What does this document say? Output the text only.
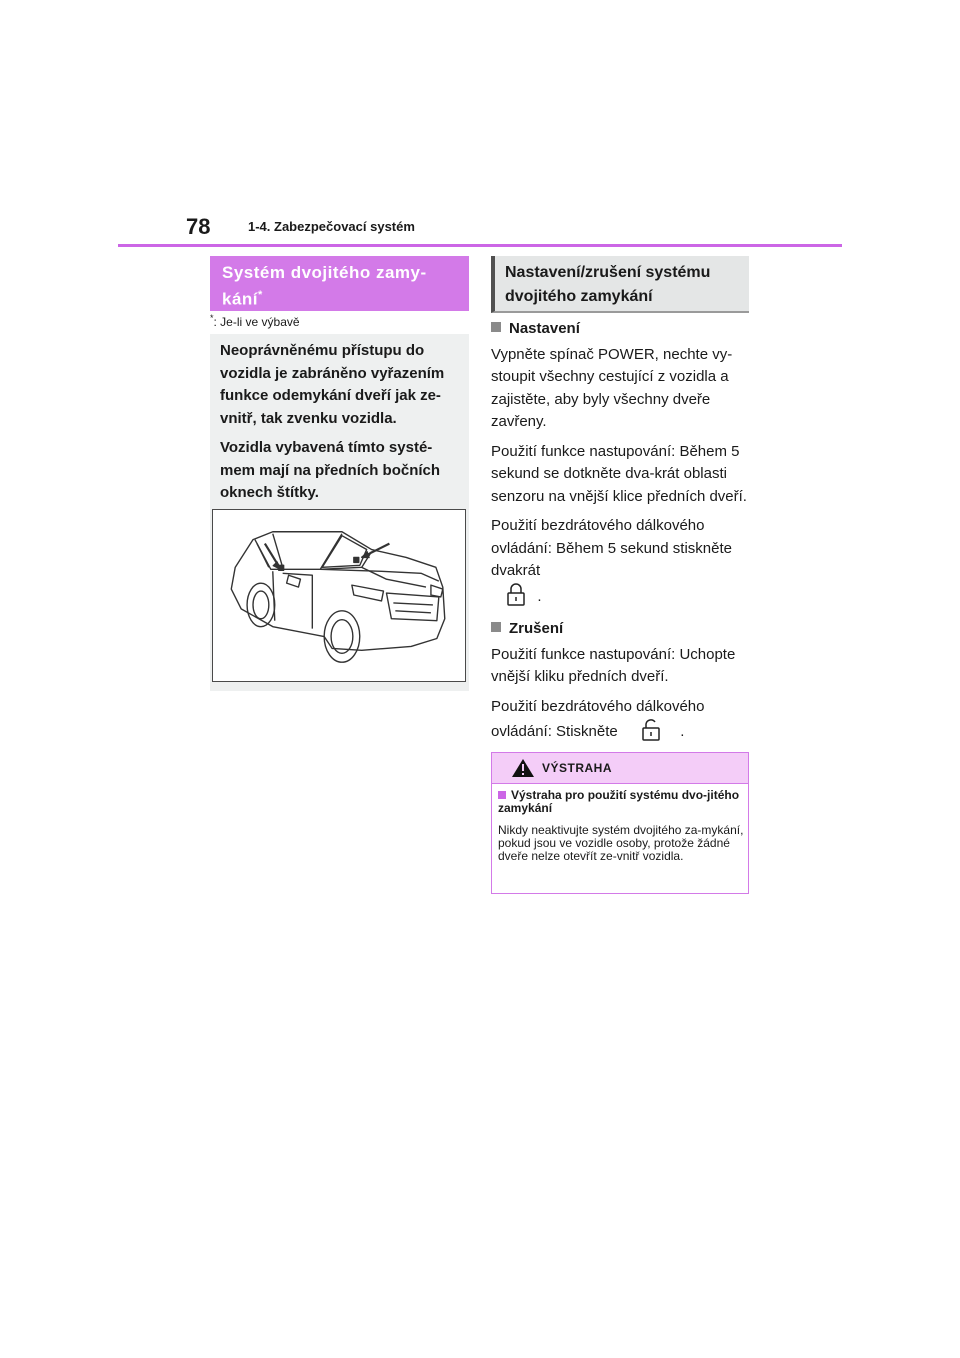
78	1-4. Zabezpečovací systém
Systém dvojitého zamy-
kání*
*: Je-li ve výbavě

Neoprávněnému přístupu do vozidla je zabráněno vyřazením funkce odemykání dveří jak ze-vnitř, tak zvenku vozidla.

Vozidla vybavená tímto systé-mem mají na předních bočních oknech štítky.

Nastavení/zrušení systému
dvojitého zamykání
Nastavení

Vypněte spínač POWER, nechte vy-stoupit všechny cestující z vozidla a zajistěte, aby byly všechny dveře zavřeny.

Použití funkce nastupování: Během 5 sekund se dotkněte dva-krát oblasti senzoru na vnější klice předních dveří.

Použití bezdrátového dálkového ovládání: Během 5 sekund stiskněte dvakrát
.

Zrušení

Použití funkce nastupování: Uchopte vnější kliku předních dveří.

Použití bezdrátového dálkového ovládání: Stiskněte	.

VÝSTRAHA
Výstraha pro použití systému dvo-jitého zamykání
Nikdy neaktivujte systém dvojitého za-mykání, pokud jsou ve vozidle osoby, protože žádné dveře nelze otevřít ze-vnitř vozidla.
